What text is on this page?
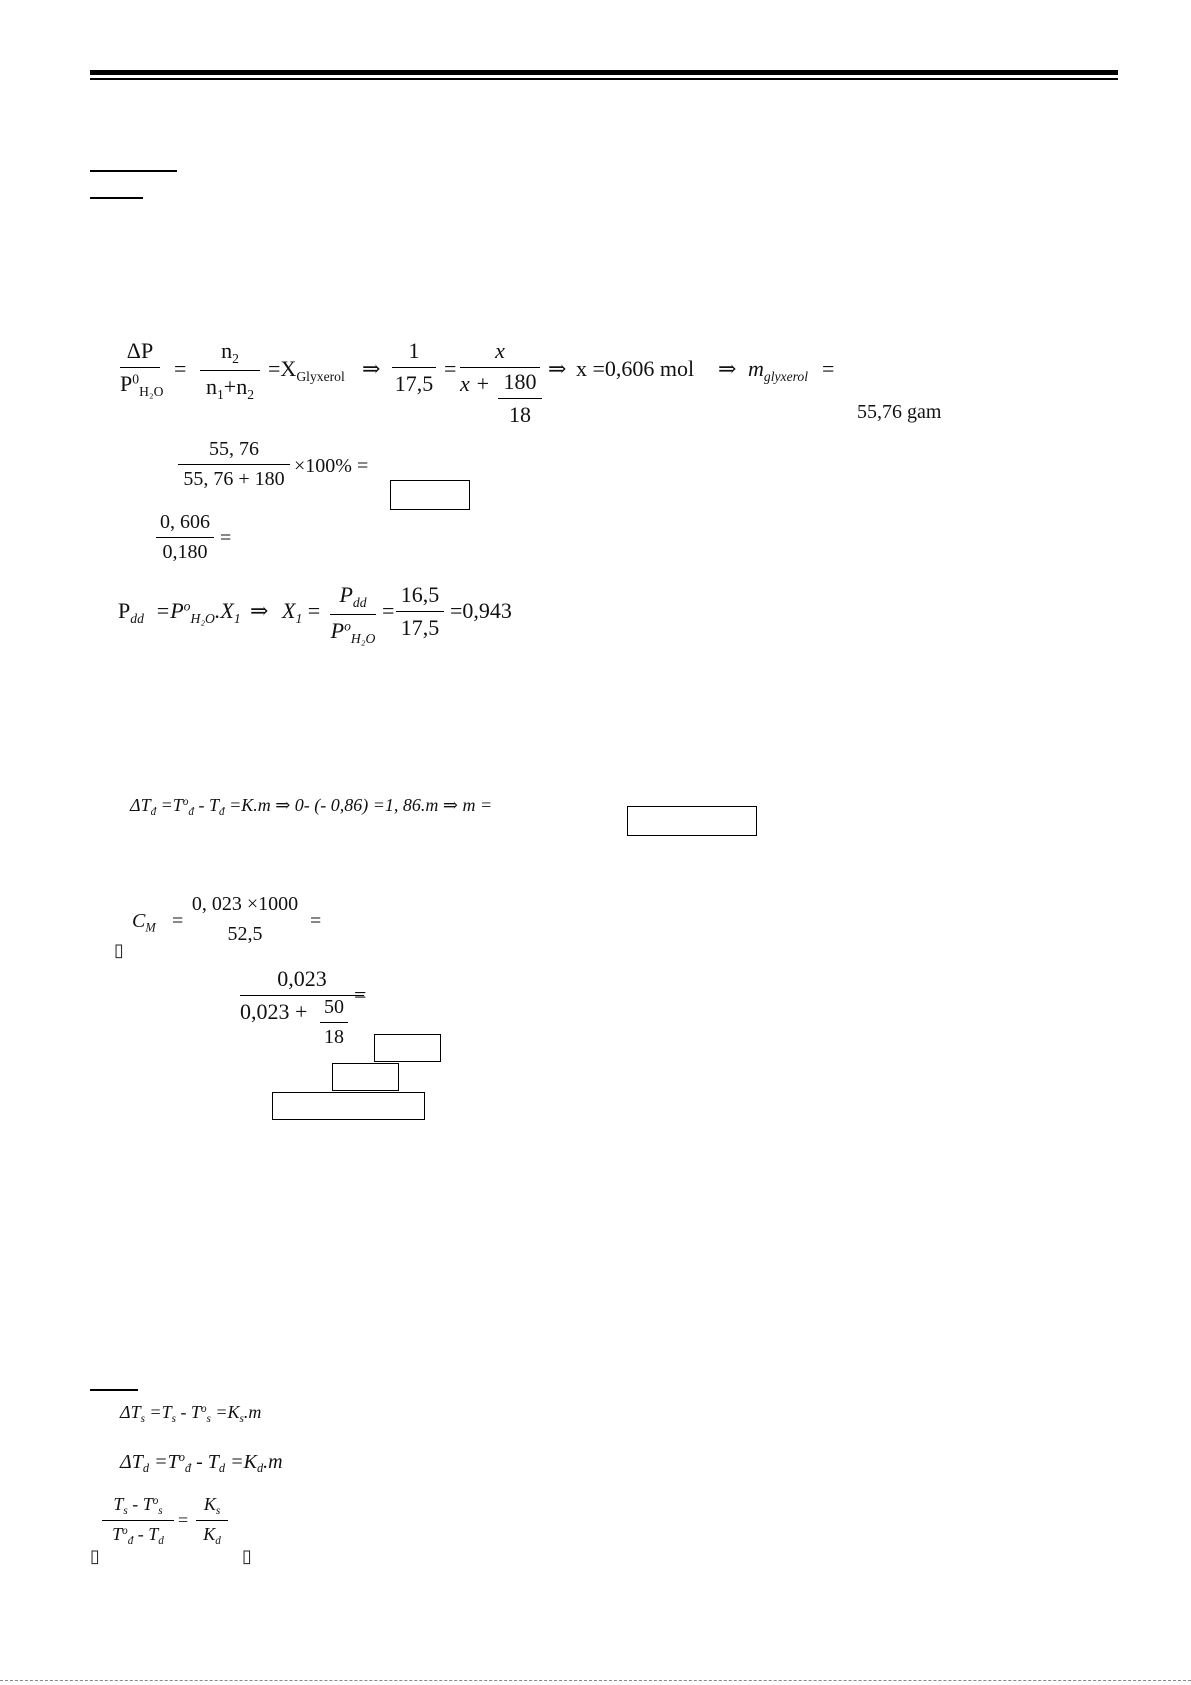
ΔP
$P^0_{H_2O}$
=
$n_2$
$n_1+n_2$
$=X_{Glyxerol}$ ⇒
1
17,5
=
x
x + 180
18
⇒ x =0,606 mol ⇒ $m_{glyxerol}$ =
55,76 gam
55, 76
55, 76 + 180
×100% =
0, 606
0,180
=
$P_{dd} =P^o_{H_2O}.X_1$ ⇒ $X_1$ =
$P_{dd}$
$P^o_{H_2O}$
=
16,5
17,5
=0,943
$\Delta T_đ =T^o_đ - T_đ =K.m$ ⇒ 0- (- 0,86) =1, 86.m ⇒ m =
$C_M$ =
0, 023 ×1000
52,5
=
▯
0,023
0,023 + 50
18
=
$\Delta T_s =T_s - T^o_s =K_s.m$
$\Delta T_d =T^o_đ - T_d =K_d.m$
$T_s - T^o_s$
$T^o_đ - T_d$
=
$K_s$
$K_d$
▯	▯
